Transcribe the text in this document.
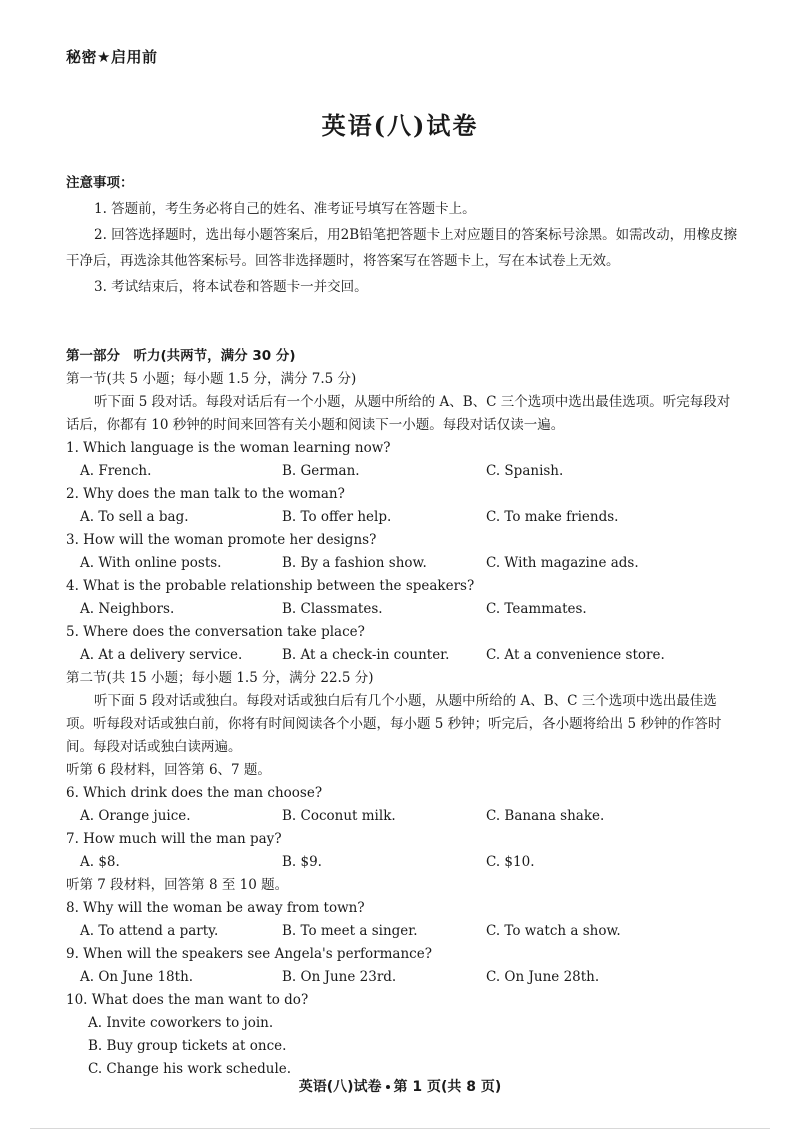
秘密★启用前
英语(八)试卷
注意事项：

1. 答题前，考生务必将自己的姓名、准考证号填写在答题卡上。

2. 回答选择题时，选出每小题答案后，用2B铅笔把答题卡上对应题目的答案标号涂黑。如需改动，用橡皮擦干净后，再选涂其他答案标号。回答非选择题时，将答案写在答题卡上，写在本试卷上无效。

3. 考试结束后，将本试卷和答题卡一并交回。

第一部分　听力(共两节，满分 30 分)
第一节(共 5 小题；每小题 1.5 分，满分 7.5 分)
听下面 5 段对话。每段对话后有一个小题，从题中所给的 A、B、C 三个选项中选出最佳选项。听完每段对话后，你都有 10 秒钟的时间来回答有关小题和阅读下一小题。每段对话仅读一遍。
1. Which language is the woman learning now?
A. French.	B. German.	C. Spanish.
2. Why does the man talk to the woman?
A. To sell a bag.	B. To offer help.	C. To make friends.
3. How will the woman promote her designs?
A. With online posts.	B. By a fashion show.	C. With magazine ads.
4. What is the probable relationship between the speakers?
A. Neighbors.	B. Classmates.	C. Teammates.
5. Where does the conversation take place?
A. At a delivery service.	B. At a check-in counter.	C. At a convenience store.
第二节(共 15 小题；每小题 1.5 分，满分 22.5 分)
听下面 5 段对话或独白。每段对话或独白后有几个小题，从题中所给的 A、B、C 三个选项中选出最佳选项。听每段对话或独白前，你将有时间阅读各个小题，每小题 5 秒钟；听完后，各小题将给出 5 秒钟的作答时间。每段对话或独白读两遍。
听第 6 段材料，回答第 6、7 题。
6. Which drink does the man choose?
A. Orange juice.	B. Coconut milk.	C. Banana shake.
7. How much will the man pay?
A. $8.	B. $9.	C. $10.
听第 7 段材料，回答第 8 至 10 题。
8. Why will the woman be away from town?
A. To attend a party.	B. To meet a singer.	C. To watch a show.
9. When will the speakers see Angela's performance?
A. On June 18th.	B. On June 23rd.	C. On June 28th.
10. What does the man want to do?
A. Invite coworkers to join.
B. Buy group tickets at once.
C. Change his work schedule.
英语(八)试卷 第 1 页(共 8 页)
